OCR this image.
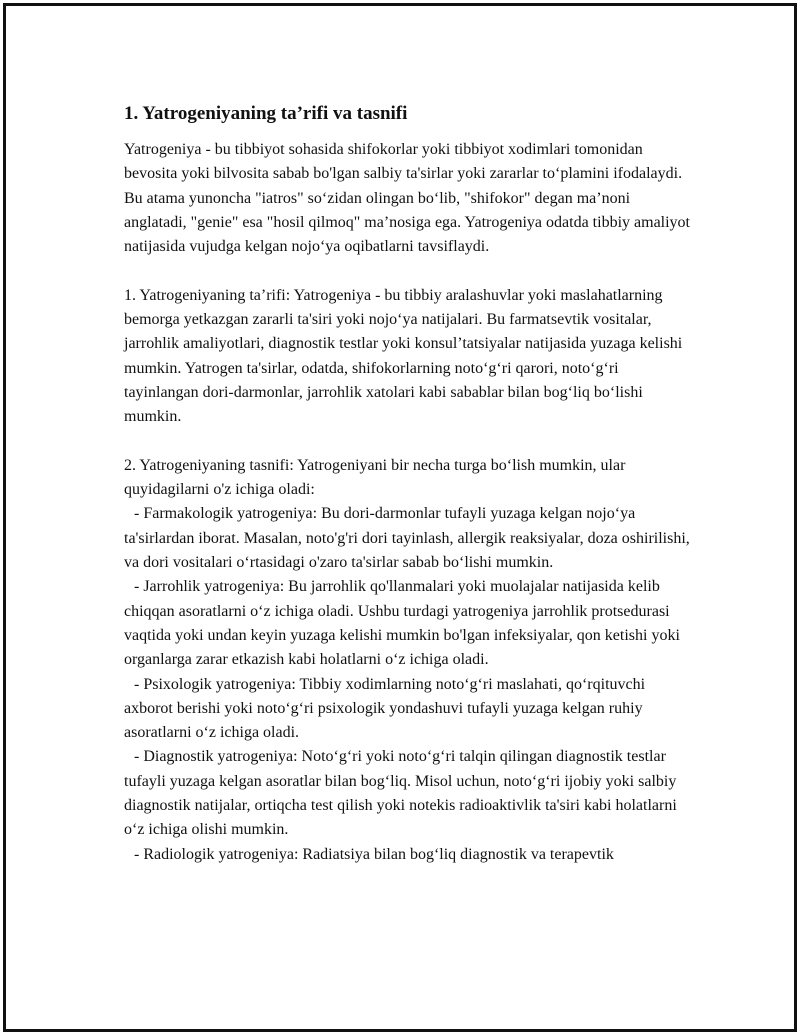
1. Yatrogeniyaning ta’rifi va tasnifi

Yatrogeniya - bu tibbiyot sohasida shifokorlar yoki tibbiyot xodimlari tomonidan bevosita yoki bilvosita sabab bo'lgan salbiy ta'sirlar yoki zararlar to‘plamini ifodalaydi. Bu atama yunoncha "iatros" so‘zidan olingan bo‘lib, "shifokor" degan ma’noni anglatadi, "genie" esa "hosil qilmoq" ma’nosiga ega. Yatrogeniya odatda tibbiy amaliyot natijasida vujudga kelgan nojo‘ya oqibatlarni tavsiflaydi.

1. Yatrogeniyaning ta’rifi: Yatrogeniya - bu tibbiy aralashuvlar yoki maslahatlarning bemorga yetkazgan zararli ta'siri yoki nojo‘ya natijalari. Bu farmatsevtik vositalar, jarrohlik amaliyotlari, diagnostik testlar yoki konsul’tatsiyalar natijasida yuzaga kelishi mumkin. Yatrogen ta'sirlar, odatda, shifokorlarning noto‘g‘ri qarori, noto‘g‘ri tayinlangan dori-darmonlar, jarrohlik xatolari kabi sabablar bilan bog‘liq bo‘lishi mumkin.

2. Yatrogeniyaning tasnifi: Yatrogeniyani bir necha turga bo‘lish mumkin, ular quyidagilarni o'z ichiga oladi:

- Farmakologik yatrogeniya: Bu dori-darmonlar tufayli yuzaga kelgan nojo‘ya ta'sirlardan iborat. Masalan, noto'g'ri dori tayinlash, allergik reaksiyalar, doza oshirilishi, va dori vositalari o‘rtasidagi o'zaro ta'sirlar sabab bo‘lishi mumkin.

- Jarrohlik yatrogeniya: Bu jarrohlik qo'llanmalari yoki muolajalar natijasida kelib chiqqan asoratlarni o‘z ichiga oladi. Ushbu turdagi yatrogeniya jarrohlik protsedurasi vaqtida yoki undan keyin yuzaga kelishi mumkin bo'lgan infeksiyalar, qon ketishi yoki organlarga zarar etkazish kabi holatlarni o‘z ichiga oladi.

- Psixologik yatrogeniya: Tibbiy xodimlarning noto‘g‘ri maslahati, qo‘rqituvchi axborot berishi yoki noto‘g‘ri psixologik yondashuvi tufayli yuzaga kelgan ruhiy asoratlarni o‘z ichiga oladi.

- Diagnostik yatrogeniya: Noto‘g‘ri yoki noto‘g‘ri talqin qilingan diagnostik testlar tufayli yuzaga kelgan asoratlar bilan bog‘liq. Misol uchun, noto‘g‘ri ijobiy yoki salbiy diagnostik natijalar, ortiqcha test qilish yoki notekis radioaktivlik ta'siri kabi holatlarni o‘z ichiga olishi mumkin.

- Radiologik yatrogeniya: Radiatsiya bilan bog‘liq diagnostik va terapevtik
